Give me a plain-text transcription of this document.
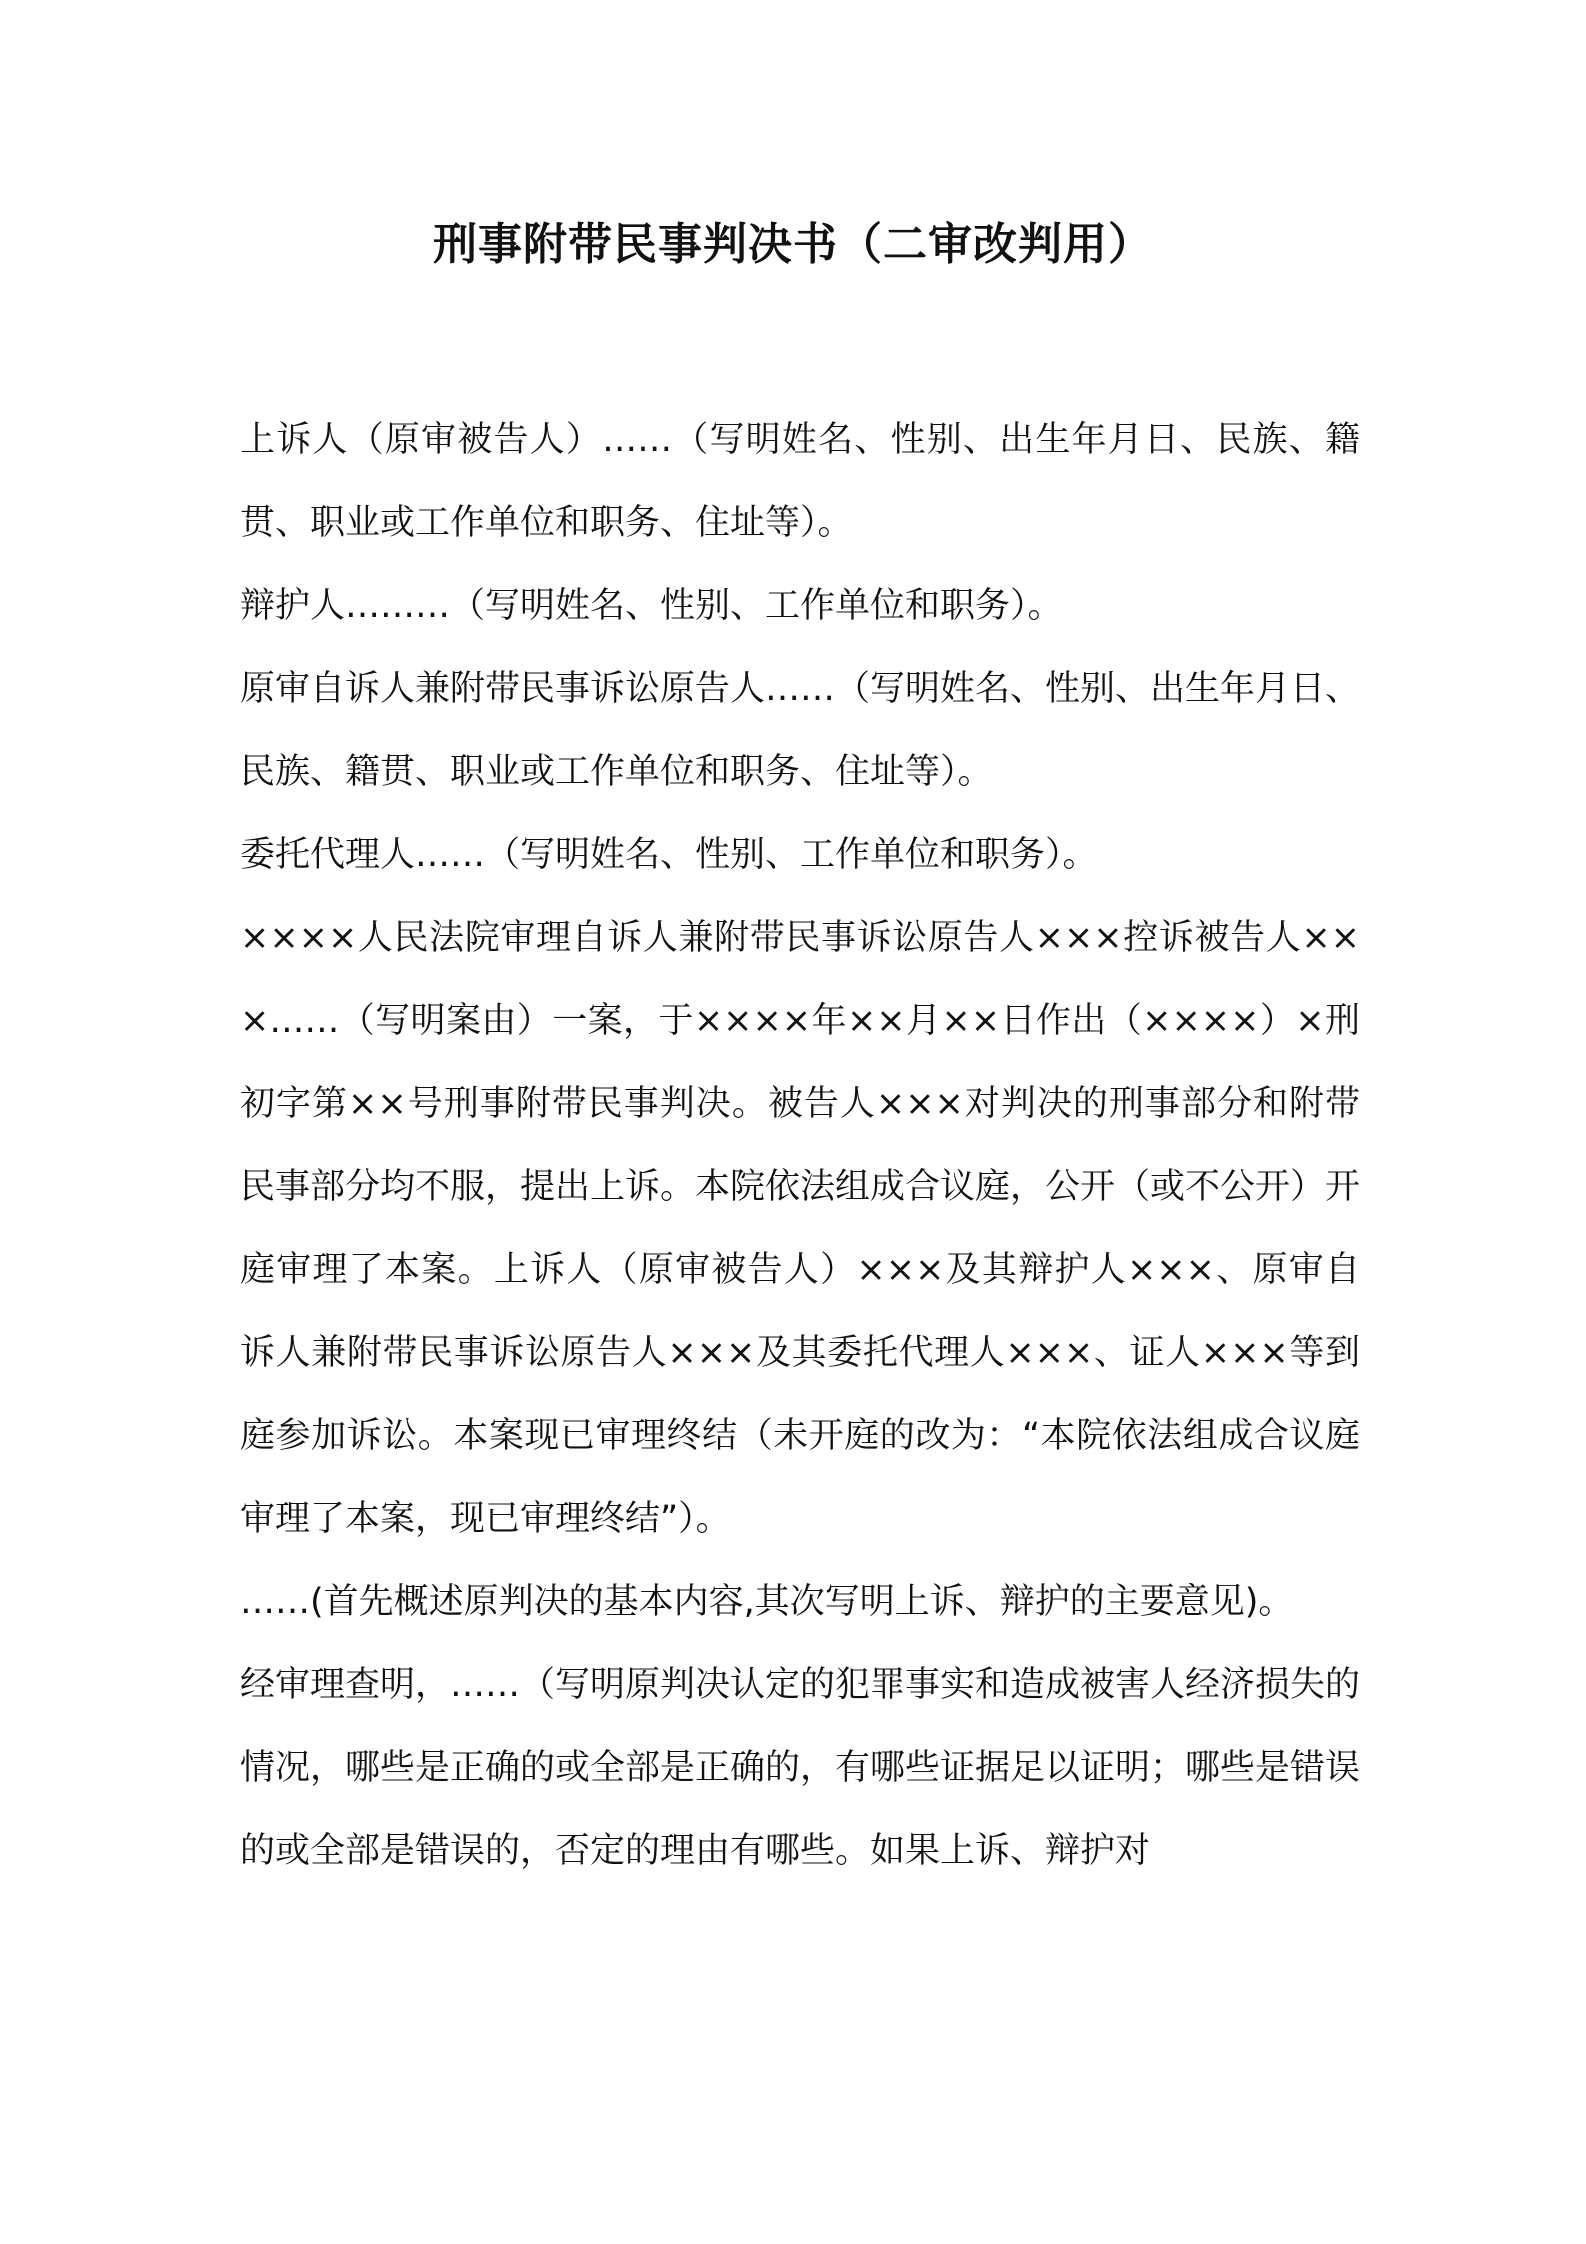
刑事附带民事判决书（二审改判用）

上诉人（原审被告人）……（写明姓名、性别、出生年月日、民族、籍贯、职业或工作单位和职务、住址等）。

辩护人………（写明姓名、性别、工作单位和职务）。

原审自诉人兼附带民事诉讼原告人……（写明姓名、性别、出生年月日、民族、籍贯、职业或工作单位和职务、住址等）。

委托代理人……（写明姓名、性别、工作单位和职务）。

××××人民法院审理自诉人兼附带民事诉讼原告人×××控诉被告人×××……（写明案由）一案，于××××年××月××日作出（××××）×刑初字第××号刑事附带民事判决。被告人×××对判决的刑事部分和附带民事部分均不服，提出上诉。本院依法组成合议庭，公开（或不公开）开庭审理了本案。上诉人（原审被告人）×××及其辩护人×××、原审自诉人兼附带民事诉讼原告人×××及其委托代理人×××、证人×××等到庭参加诉讼。本案现已审理终结（未开庭的改为：“本院依法组成合议庭审理了本案，现已审理终结”）。

……(首先概述原判决的基本内容,其次写明上诉、辩护的主要意见)。

经审理查明，……（写明原判决认定的犯罪事实和造成被害人经济损失的情况，哪些是正确的或全部是正确的，有哪些证据足以证明；哪些是错误的或全部是错误的，否定的理由有哪些。如果上诉、辩护对
